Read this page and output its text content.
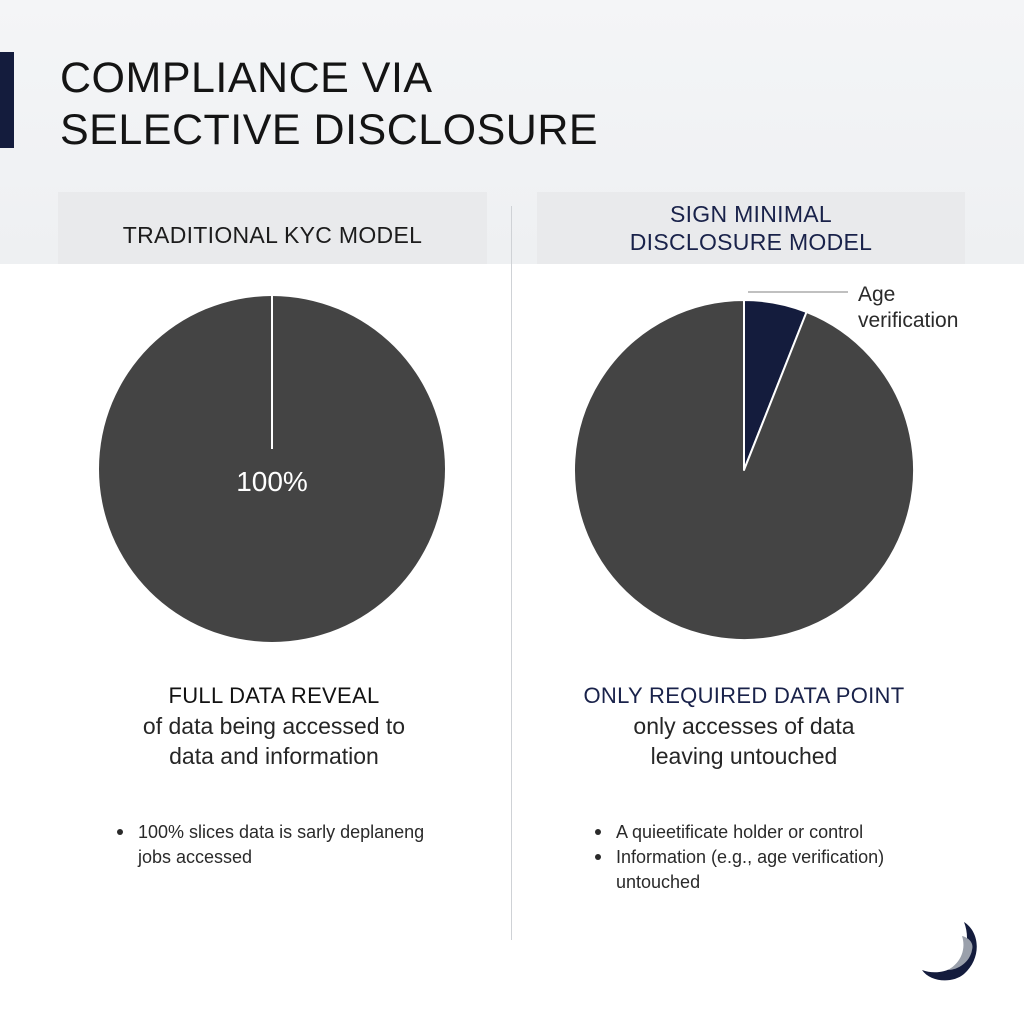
COMPLIANCE VIA
SELECTIVE DISCLOSURE
TRADITIONAL KYC MODEL
SIGN MINIMAL
DISCLOSURE MODEL
100%
Age
verification
FULL DATA REVEAL
of data being accessed to
data and information
ONLY REQUIRED DATA POINT
only accesses of data
leaving untouched
100% slices data is sarly deplaneng jobs accessed
A quieetificate holder or control
Information (e.g., age verification) untouched
